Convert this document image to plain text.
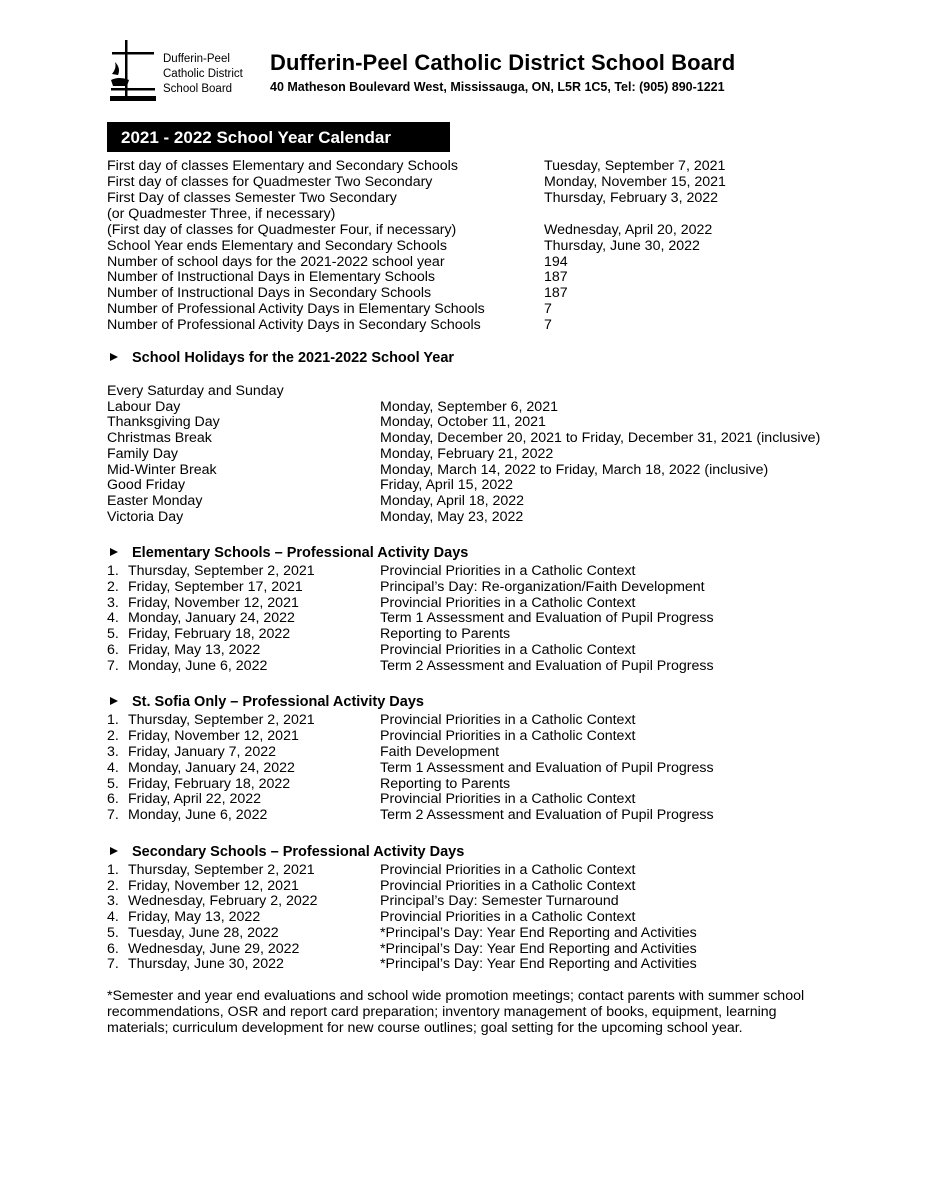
Dufferin-Peel
Catholic District
School Board
Dufferin-Peel Catholic District School Board
40 Matheson Boulevard West, Mississauga, ON, L5R 1C5, Tel: (905) 890-1221
2021 - 2022 School Year Calendar
First day of classes Elementary and Secondary Schools	Tuesday, September 7, 2021
First day of classes for Quadmester Two Secondary	Monday, November 15, 2021
First Day of classes Semester Two Secondary	Thursday, February 3, 2022
(or Quadmester Three, if necessary)
(First day of classes for Quadmester Four, if necessary)	Wednesday, April 20, 2022
School Year ends Elementary and Secondary Schools	Thursday, June 30, 2022
Number of school days for the 2021-2022 school year	194
Number of Instructional Days in Elementary Schools	187
Number of Instructional Days in Secondary Schools	187
Number of Professional Activity Days in Elementary Schools	7
Number of Professional Activity Days in Secondary Schools	7
School Holidays for the 2021-2022 School Year
Every Saturday and Sunday
Labour Day	Monday, September 6, 2021
Thanksgiving Day	Monday, October 11, 2021
Christmas Break	Monday, December 20, 2021 to Friday, December 31, 2021 (inclusive)
Family Day	Monday, February 21, 2022
Mid-Winter Break	Monday, March 14, 2022 to Friday, March 18, 2022 (inclusive)
Good Friday	Friday, April 15, 2022
Easter Monday	Monday, April 18, 2022
Victoria Day	Monday, May 23, 2022
Elementary Schools – Professional Activity Days
1. Thursday, September 2, 2021	Provincial Priorities in a Catholic Context
2. Friday, September 17, 2021	Principal’s Day: Re-organization/Faith Development
3. Friday, November 12, 2021	Provincial Priorities in a Catholic Context
4. Monday, January 24, 2022	Term 1 Assessment and Evaluation of Pupil Progress
5. Friday, February 18, 2022	Reporting to Parents
6. Friday, May 13, 2022	Provincial Priorities in a Catholic Context
7. Monday, June 6, 2022	Term 2 Assessment and Evaluation of Pupil Progress
St. Sofia Only – Professional Activity Days
1. Thursday, September 2, 2021	Provincial Priorities in a Catholic Context
2. Friday, November 12, 2021	Provincial Priorities in a Catholic Context
3. Friday, January 7, 2022	Faith Development
4. Monday, January 24, 2022	Term 1 Assessment and Evaluation of Pupil Progress
5. Friday, February 18, 2022	Reporting to Parents
6. Friday, April 22, 2022	Provincial Priorities in a Catholic Context
7. Monday, June 6, 2022	Term 2 Assessment and Evaluation of Pupil Progress
Secondary Schools – Professional Activity Days
1. Thursday, September 2, 2021	Provincial Priorities in a Catholic Context
2. Friday, November 12, 2021	Provincial Priorities in a Catholic Context
3. Wednesday, February 2, 2022	Principal’s Day: Semester Turnaround
4. Friday, May 13, 2022	Provincial Priorities in a Catholic Context
5. Tuesday, June 28, 2022	*Principal’s Day: Year End Reporting and Activities
6. Wednesday, June 29, 2022	*Principal’s Day: Year End Reporting and Activities
7. Thursday, June 30, 2022	*Principal’s Day: Year End Reporting and Activities
*Semester and year end evaluations and school wide promotion meetings; contact parents with summer school recommendations, OSR and report card preparation; inventory management of books, equipment, learning materials; curriculum development for new course outlines; goal setting for the upcoming school year.
